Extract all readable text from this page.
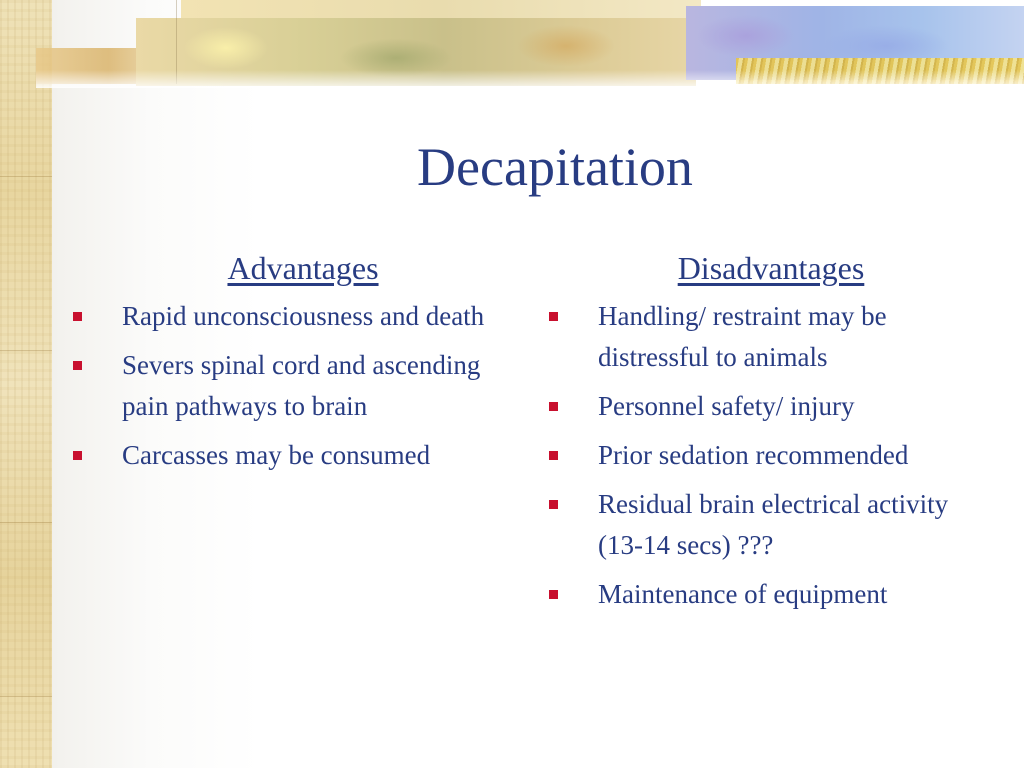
Decapitation
Advantages
Rapid unconsciousness and death
Severs spinal cord and ascending pain pathways to brain
Carcasses may be consumed
Disadvantages
Handling/ restraint may be distressful to animals
Personnel safety/ injury
Prior sedation recommended
Residual brain electrical activity (13-14 secs) ???
Maintenance of equipment
